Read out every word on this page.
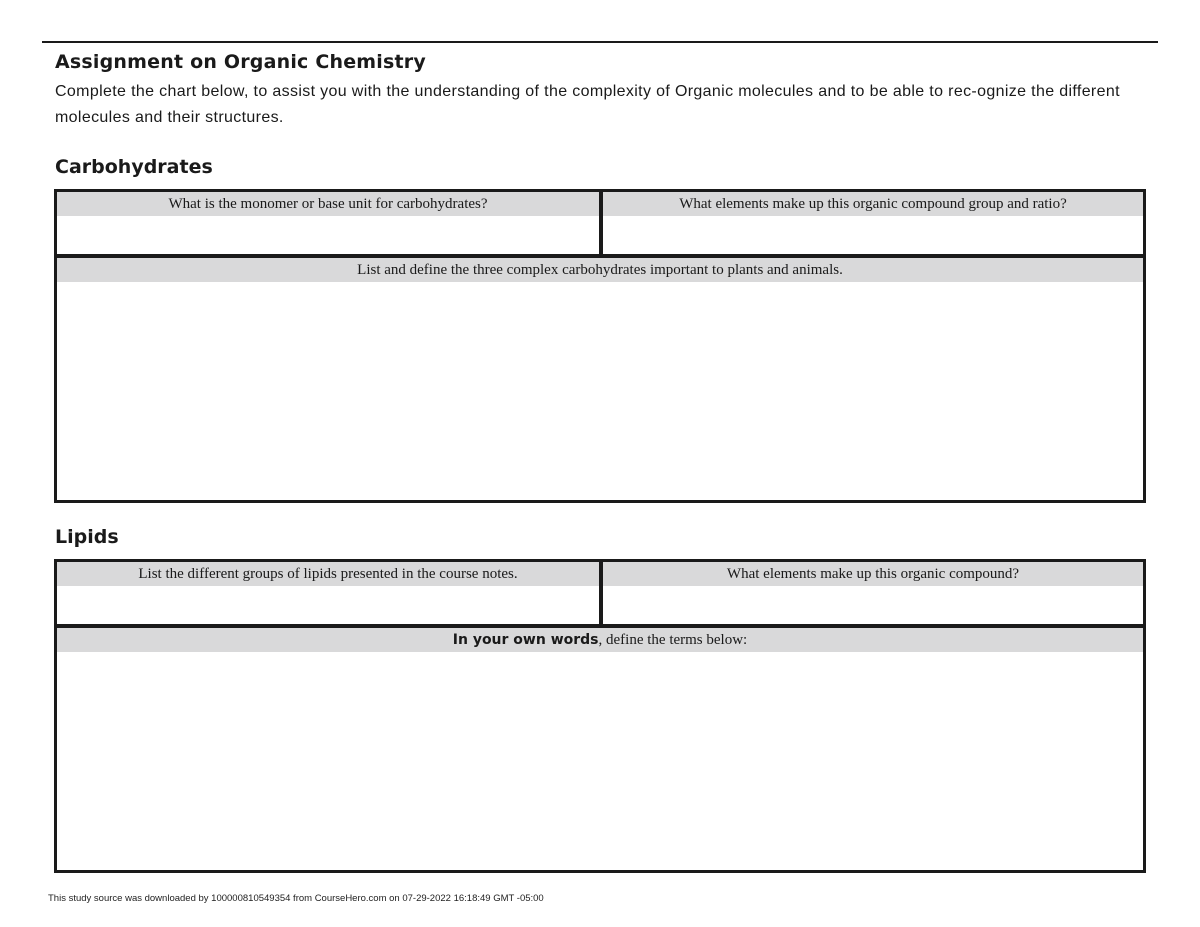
Assignment on Organic Chemistry
Complete the chart below, to assist you with the understanding of the complexity of Organic molecules and to be able to rec-ognize the different molecules and their structures.
Carbohydrates
What is the monomer or base unit for carbohydrates?	What elements make up this organic compound group and ratio?
List and define the three complex carbohydrates important to plants and animals.
Lipids
List the different groups of lipids presented in the course notes.	What elements make up this organic compound?
In your own words, define the terms below:
This study source was downloaded by 100000810549354 from CourseHero.com on 07-29-2022 16:18:49 GMT -05:00
